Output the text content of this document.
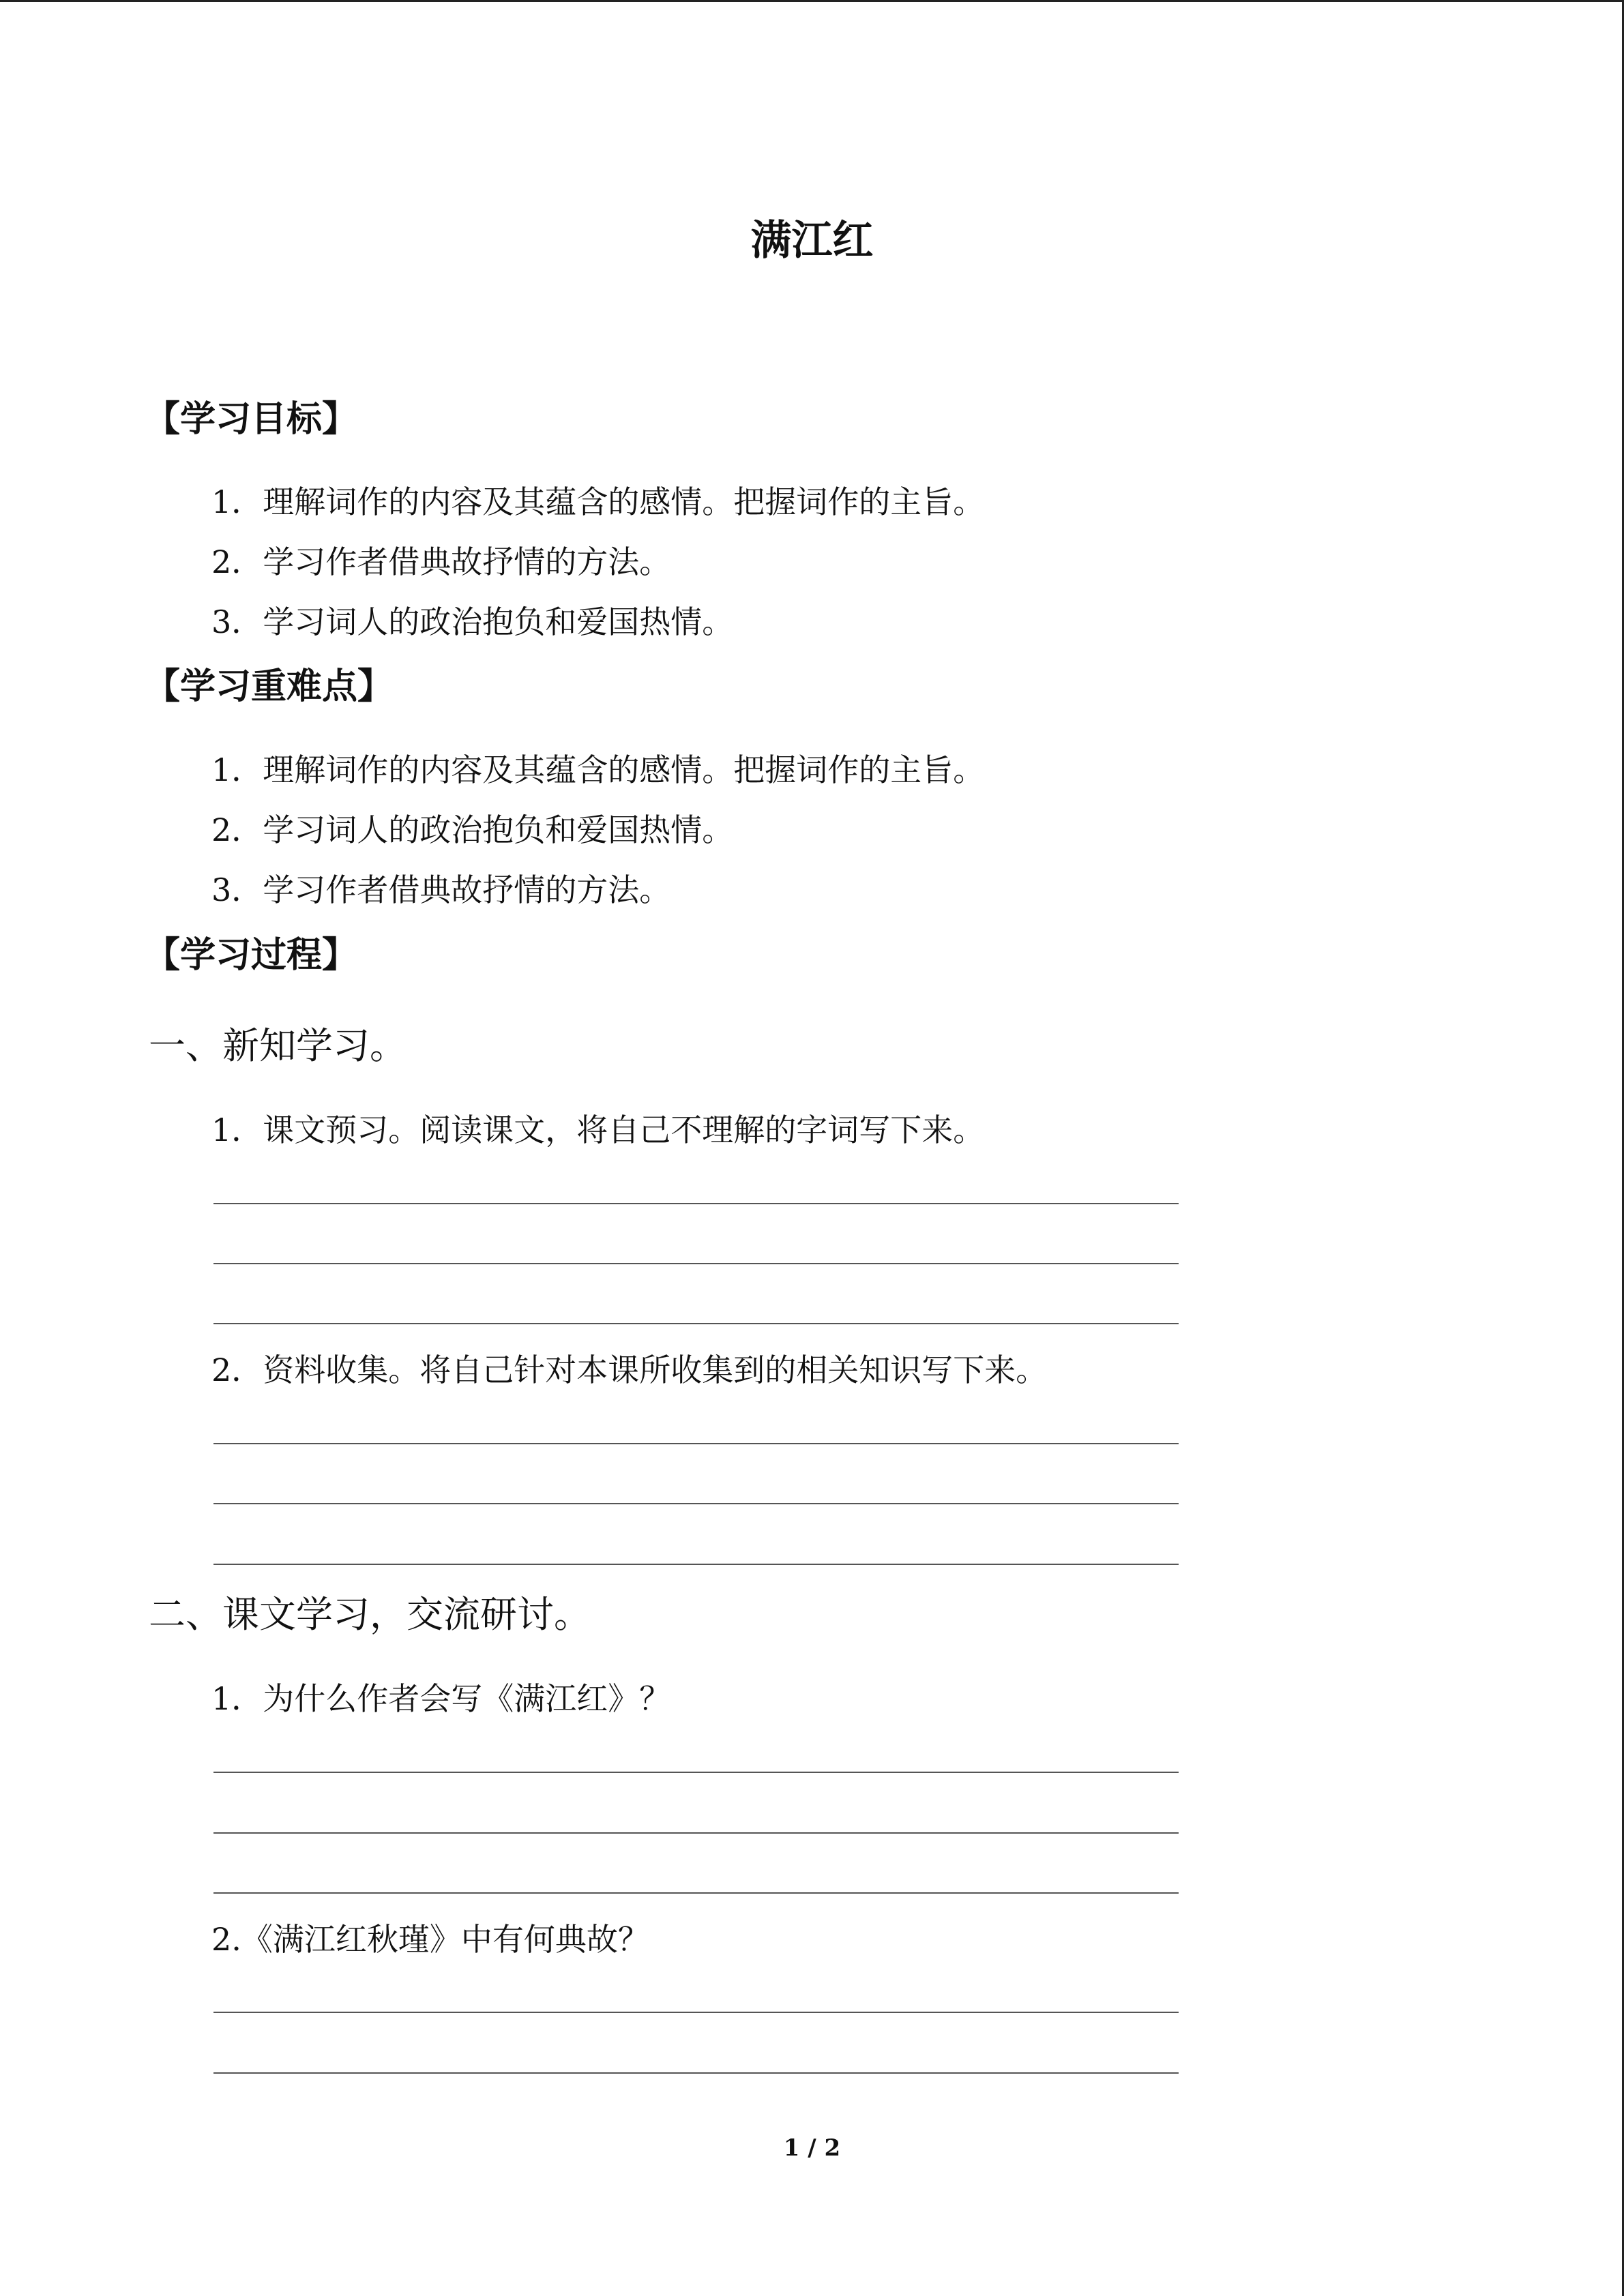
满江红
【学习目标】
1．理解词作的内容及其蕴含的感情。把握词作的主旨。
2．学习作者借典故抒情的方法。
3．学习词人的政治抱负和爱国热情。
【学习重难点】
1．理解词作的内容及其蕴含的感情。把握词作的主旨。
2．学习词人的政治抱负和爱国热情。
3．学习作者借典故抒情的方法。
【学习过程】
一、新知学习。
1．课文预习。阅读课文，将自己不理解的字词写下来。
2．资料收集。将自己针对本课所收集到的相关知识写下来。
二、课文学习，交流研讨。
1．为什么作者会写《满江红》？
2.《满江红秋瑾》中有何典故？
1 / 2
